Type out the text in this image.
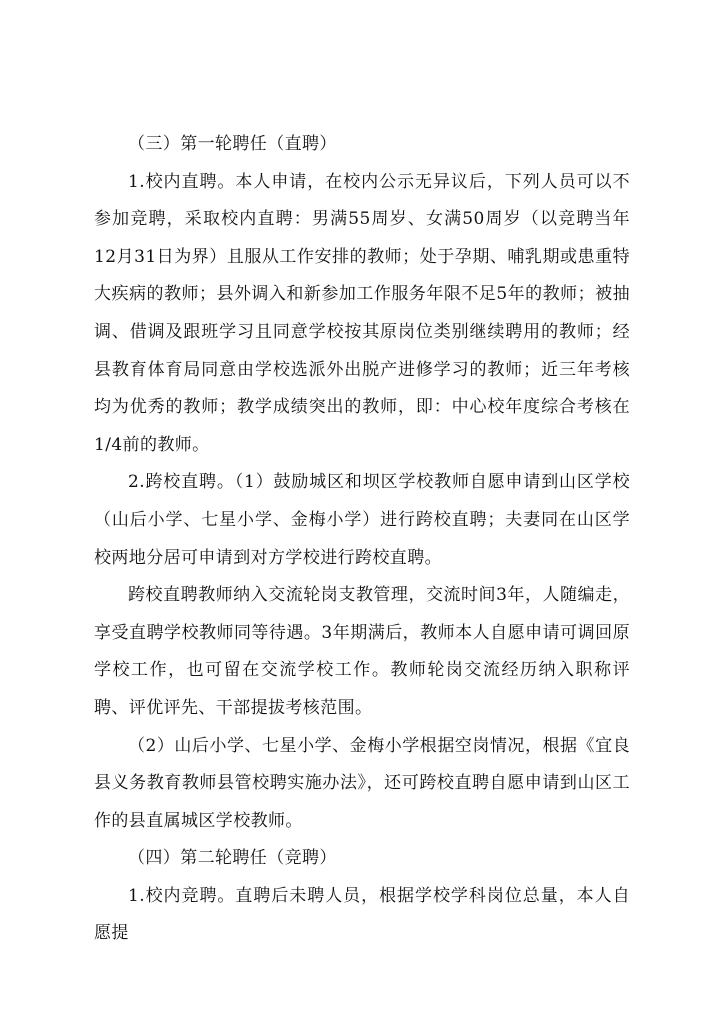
（三）第一轮聘任（直聘）

1.校内直聘。本人申请，在校内公示无异议后，下列人员可以不参加竞聘，采取校内直聘：男满55周岁、女满50周岁（以竞聘当年12月31日为界）且服从工作安排的教师；处于孕期、哺乳期或患重特大疾病的教师；县外调入和新参加工作服务年限不足5年的教师；被抽调、借调及跟班学习且同意学校按其原岗位类别继续聘用的教师；经县教育体育局同意由学校选派外出脱产进修学习的教师；近三年考核均为优秀的教师；教学成绩突出的教师，即：中心校年度综合考核在1/4前的教师。

2.跨校直聘。（1）鼓励城区和坝区学校教师自愿申请到山区学校（山后小学、七星小学、金梅小学）进行跨校直聘；夫妻同在山区学校两地分居可申请到对方学校进行跨校直聘。

跨校直聘教师纳入交流轮岗支教管理，交流时间3年，人随编走，享受直聘学校教师同等待遇。3年期满后，教师本人自愿申请可调回原学校工作，也可留在交流学校工作。教师轮岗交流经历纳入职称评聘、评优评先、干部提拔考核范围。

（2）山后小学、七星小学、金梅小学根据空岗情况，根据《宜良县义务教育教师县管校聘实施办法》，还可跨校直聘自愿申请到山区工作的县直属城区学校教师。

（四）第二轮聘任（竞聘）

1.校内竞聘。直聘后未聘人员，根据学校学科岗位总量，本人自愿提
